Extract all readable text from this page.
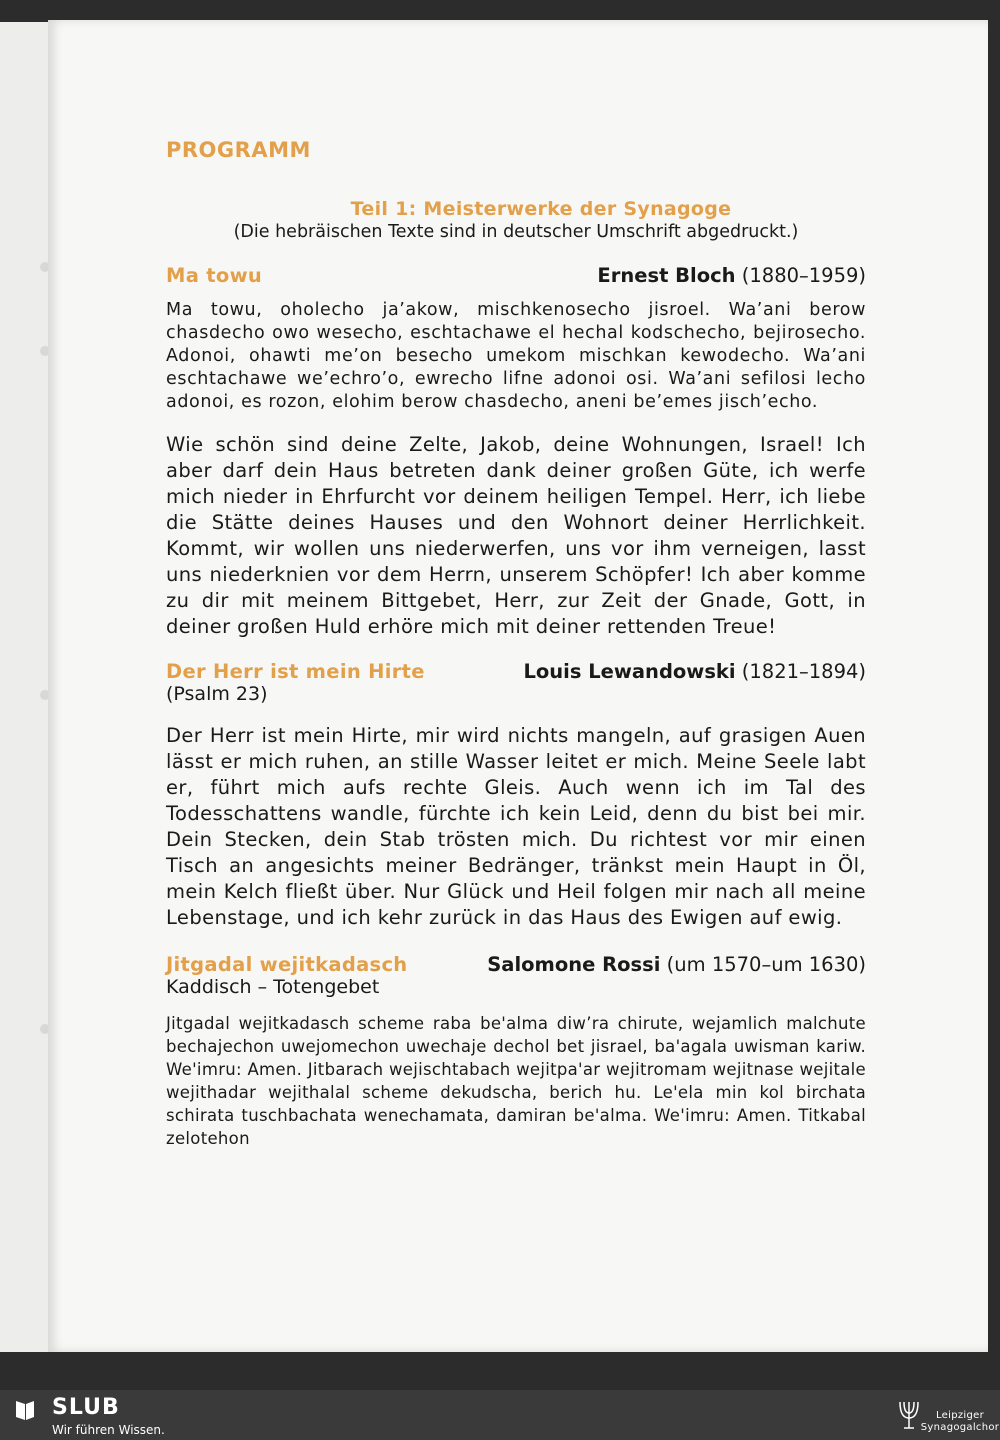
PROGRAMM
Teil 1: Meisterwerke der Synagoge
(Die hebräischen Texte sind in deutscher Umschrift abgedruckt.)
Ma towu	Ernest Bloch (1880–1959)
Ma towu, oholecho ja’akow, mischkenosecho jisroel. Wa’ani berow chasdecho owo wesecho, eschtachawe el hechal kodschecho, bejirosecho. Adonoi, ohawti me’on besecho umekom mischkan kewodecho. Wa’ani eschtachawe we’echro’o, ewrecho lifne adonoi osi. Wa’ani sefilosi lecho adonoi, es rozon, elohim berow chasdecho, aneni be’emes jisch’echo.
Wie schön sind deine Zelte, Jakob, deine Wohnungen, Israel! Ich aber darf dein Haus betreten dank deiner großen Güte, ich werfe mich nieder in Ehrfurcht vor deinem heiligen Tempel. Herr, ich liebe die Stätte deines Hauses und den Wohnort deiner Herrlichkeit. Kommt, wir wollen uns niederwerfen, uns vor ihm verneigen, lasst uns niederknien vor dem Herrn, unserem Schöpfer! Ich aber komme zu dir mit meinem Bittgebet, Herr, zur Zeit der Gnade, Gott, in deiner großen Huld erhöre mich mit deiner rettenden Treue!
Der Herr ist mein Hirte	Louis Lewandowski (1821–1894)
(Psalm 23)
Der Herr ist mein Hirte, mir wird nichts mangeln, auf grasigen Auen lässt er mich ruhen, an stille Wasser leitet er mich. Meine Seele labt er, führt mich aufs rechte Gleis. Auch wenn ich im Tal des Todesschattens wandle, fürchte ich kein Leid, denn du bist bei mir. Dein Stecken, dein Stab trösten mich. Du richtest vor mir einen Tisch an angesichts meiner Bedränger, tränkst mein Haupt in Öl, mein Kelch fließt über. Nur Glück und Heil folgen mir nach all meine Lebenstage, und ich kehr zurück in das Haus des Ewigen auf ewig.
Jitgadal wejitkadasch	Salomone Rossi (um 1570–um 1630)
Kaddisch – Totengebet
Jitgadal wejitkadasch scheme raba be'alma diw’ra chirute, wejamlich malchute bechajechon uwejomechon uwechaje dechol bet jisrael, ba'agala uwisman kariw. We'imru: Amen. Jitbarach wejischtabach wejitpa'ar wejitromam wejitnase wejitale wejithadar wejithalal scheme dekudscha, berich hu. Le'ela min kol birchata schirata tuschbachata wenechamata, damiran be'alma. We'imru: Amen. Titkabal zelotehon
SLUB
Wir führen Wissen.
Leipziger
Synagogalchor
